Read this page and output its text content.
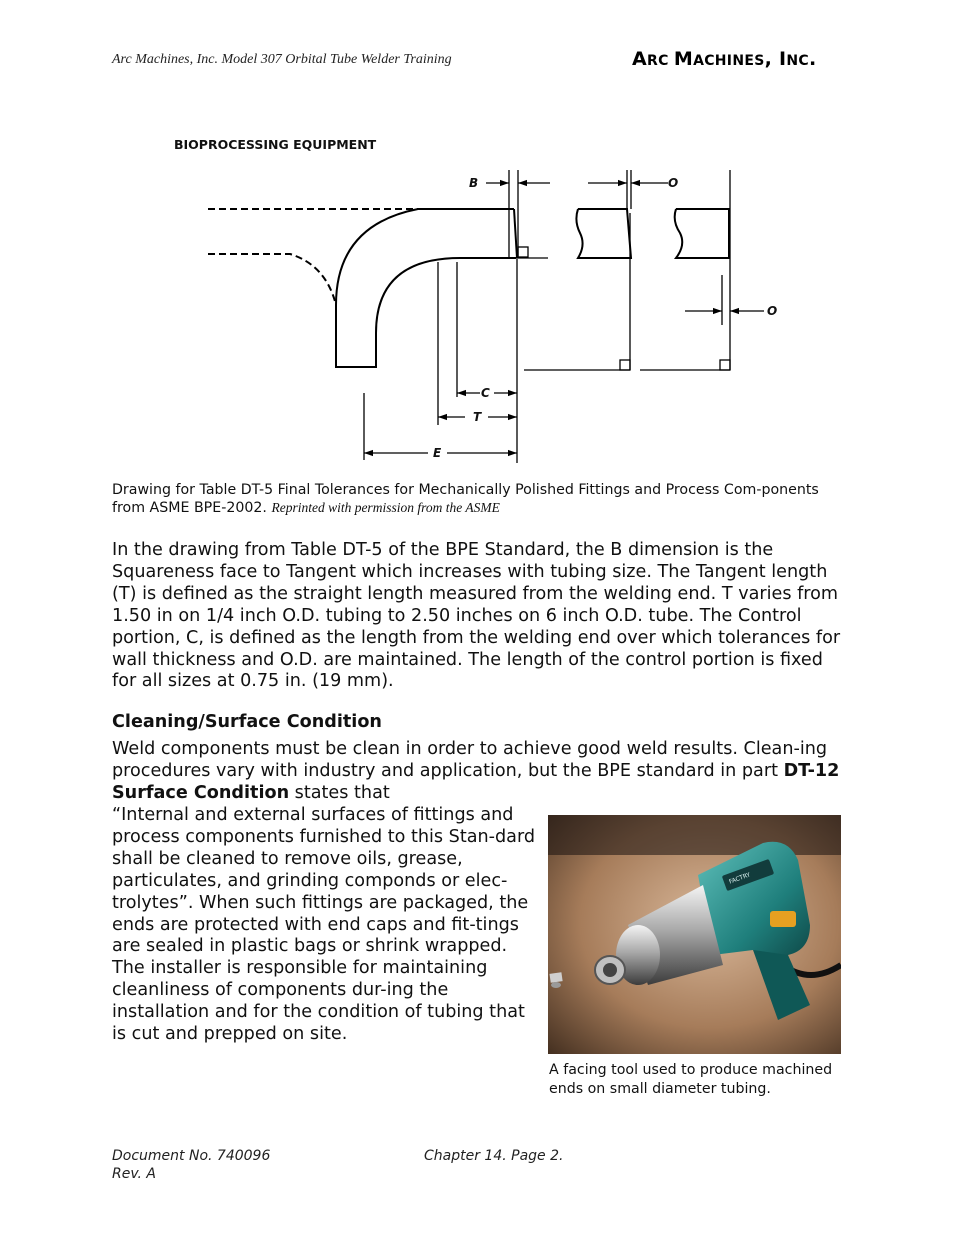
Arc Machines, Inc. Model 307 Orbital Tube Welder Training	ARC MACHINES, INC.
BIOPROCESSING EQUIPMENT
B	O
O
C
T
E
Drawing for Table DT-5 Final Tolerances for Mechanically Polished Fittings and Process Com-ponents from ASME BPE-2002. Reprinted with permission from the ASME
In the drawing from Table DT-5 of the BPE Standard, the B dimension is the Squareness face to Tangent which increases with tubing size. The Tangent length (T) is defined as the straight length measured from the welding end. T varies from 1.50 in on 1/4 inch O.D. tubing to 2.50 inches on 6 inch O.D. tube. The Control portion, C, is defined as the length from the welding end over which tolerances for wall thickness and O.D. are maintained. The length of the control portion is fixed for all sizes at 0.75 in. (19 mm).
Cleaning/Surface Condition
Weld components must be clean in order to achieve good weld results. Clean-ing procedures vary with industry and application, but the BPE standard in part DT-12 Surface Condition states that
“Internal and external surfaces of fittings and process components furnished to this Stan-dard shall be cleaned to remove oils, grease, particulates, and grinding componds or elec-trolytes”. When such fittings are packaged, the ends are protected with end caps and fit-tings are sealed in plastic bags or shrink wrapped. The installer is responsible for maintaining cleanliness of components dur-ing the installation and for the condition of tubing that is cut and prepped on site.
FACTRY
A facing tool used to produce machined ends on small diameter tubing.
Document No. 740096
Rev. A
Chapter 14. Page 2.
